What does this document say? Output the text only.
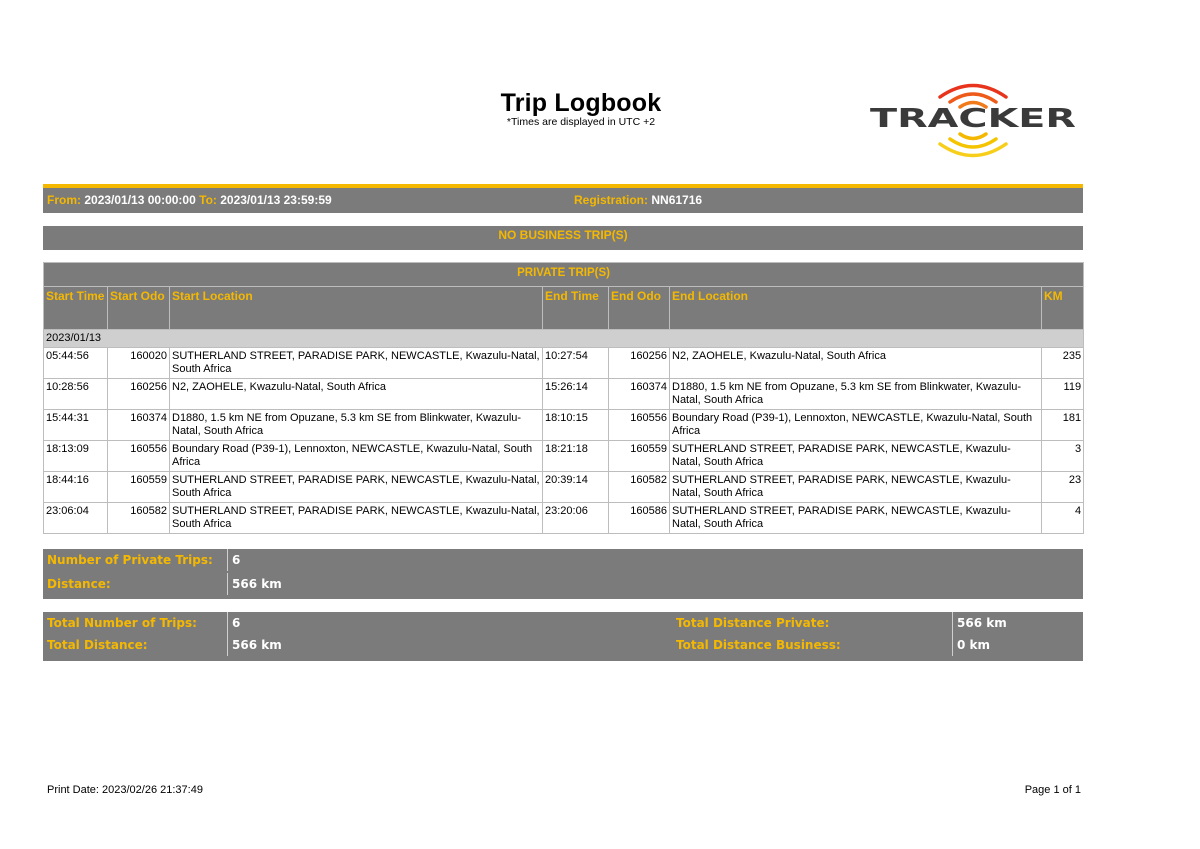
Trip Logbook
*Times are displayed in UTC +2	TRACKER
From: 2023/01/13 00:00:00 To: 2023/01/13 23:59:59	Registration: NN61716
NO BUSINESS TRIP(S)
PRIVATE TRIP(S)						
Start Time	Start Odo	Start Location	End Time	End Odo	End Location	KM
2023/01/13						
05:44:56	160020	SUTHERLAND STREET, PARADISE PARK, NEWCASTLE, Kwazulu-Natal, South Africa	10:27:54	160256	N2, ZAOHELE, Kwazulu-Natal, South Africa	235
10:28:56	160256	N2, ZAOHELE, Kwazulu-Natal, South Africa	15:26:14	160374	D1880, 1.5 km NE from Opuzane, 5.3 km SE from Blinkwater, Kwazulu-Natal, South Africa	119
15:44:31	160374	D1880, 1.5 km NE from Opuzane, 5.3 km SE from Blinkwater, Kwazulu-Natal, South Africa	18:10:15	160556	Boundary Road (P39-1), Lennoxton, NEWCASTLE, Kwazulu-Natal, South Africa	181
18:13:09	160556	Boundary Road (P39-1), Lennoxton, NEWCASTLE, Kwazulu-Natal, South Africa	18:21:18	160559	SUTHERLAND STREET, PARADISE PARK, NEWCASTLE, Kwazulu-Natal, South Africa	3
18:44:16	160559	SUTHERLAND STREET, PARADISE PARK, NEWCASTLE, Kwazulu-Natal, South Africa	20:39:14	160582	SUTHERLAND STREET, PARADISE PARK, NEWCASTLE, Kwazulu-Natal, South Africa	23
23:06:04	160582	SUTHERLAND STREET, PARADISE PARK, NEWCASTLE, Kwazulu-Natal, South Africa	23:20:06	160586	SUTHERLAND STREET, PARADISE PARK, NEWCASTLE, Kwazulu-Natal, South Africa	4
Number of Private Trips:	6
Distance:	566 km
Total Number of Trips:	6	Total Distance Private:	566 km
Total Distance:	566 km	Total Distance Business:	0 km
Print Date: 2023/02/26 21:37:49	Page 1 of 1
